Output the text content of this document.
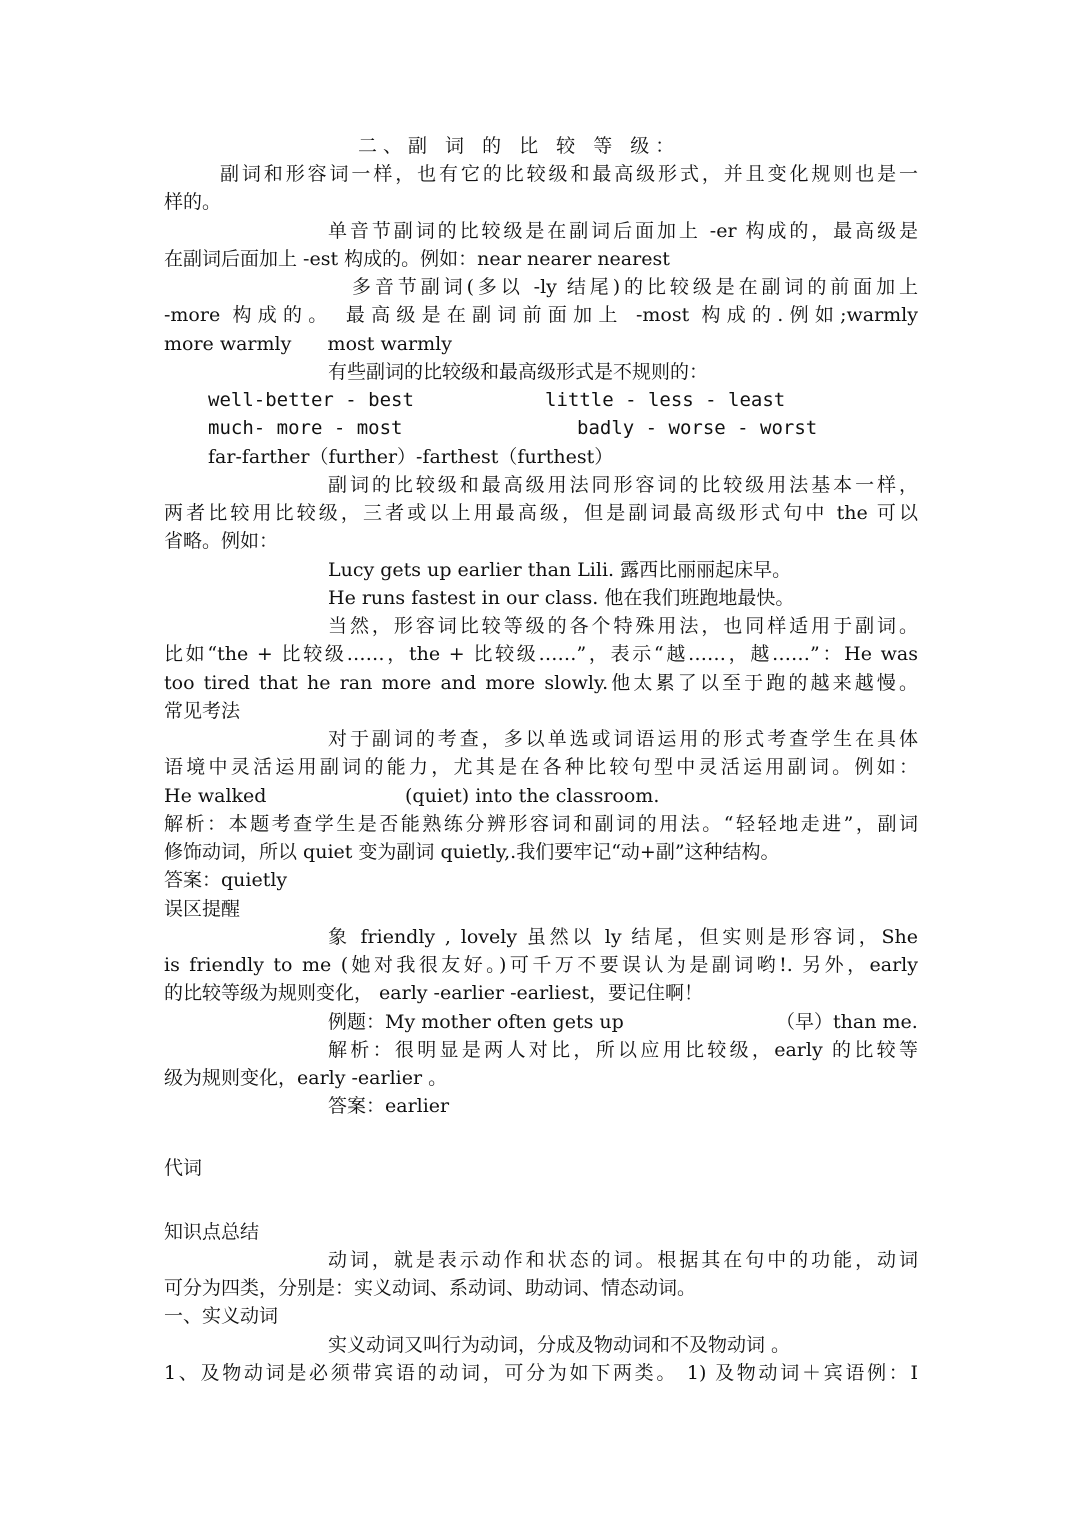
二、副 词 的 比 较 等 级：
副词和形容词一样，也有它的比较级和最高级形式，并且变化规则也是一
样的。
单音节副词的比较级是在副词后面加上 -er 构成的，最高级是
在副词后面加上 -est 构成的。例如：near nearer nearest
多音节副词(多以 -ly 结尾)的比较级是在副词的前面加上
-more 构成的。 最高级是在副词前面加上 -most 构成的.例如;warmly
more warmly      most warmly
有些副词的比较级和最高级形式是不规则的：
well-better - best	little - less - least
much- more - most	badly - worse - worst
far-farther（further）-farthest（furthest）
副词的比较级和最高级用法同形容词的比较级用法基本一样，
两者比较用比较级，三者或以上用最高级，但是副词最高级形式句中 the 可以
省略。例如：
Lucy gets up earlier than Lili. 露西比丽丽起床早。
He runs fastest in our class. 他在我们班跑地最快。
当然，形容词比较等级的各个特殊用法，也同样适用于副词。
比如“the + 比较级……，the + 比较级……”，表示“越……，越……”：He was
too tired that he ran more and more slowly.他太累了以至于跑的越来越慢。
常见考法
对于副词的考查，多以单选或词语运用的形式考查学生在具体
语境中灵活运用副词的能力，尤其是在各种比较句型中灵活运用副词。例如：
He walked	(quiet) into the classroom.
解析：本题考查学生是否能熟练分辨形容词和副词的用法。“轻轻地走进”，副词
修饰动词，所以 quiet 变为副词 quietly,.我们要牢记“动+副”这种结构。
答案：quietly
误区提醒
象 friendly , lovely 虽然以 ly 结尾，但实则是形容词，She
is friendly to me (她对我很友好。)可千万不要误认为是副词哟!. 另外，early
的比较等级为规则变化， early -earlier -earliest，要记住啊！
例题：My mother often gets up	（早）than me.
解析：很明显是两人对比，所以应用比较级，early 的比较等
级为规则变化，early -earlier 。
答案：earlier
代词
知识点总结
动词，就是表示动作和状态的词。根据其在句中的功能，动词
可分为四类，分别是：实义动词、系动词、助动词、情态动词。
一、实义动词
实义动词又叫行为动词，分成及物动词和不及物动词 。
1、及物动词是必须带宾语的动词，可分为如下两类。 1) 及物动词＋宾语例：I
